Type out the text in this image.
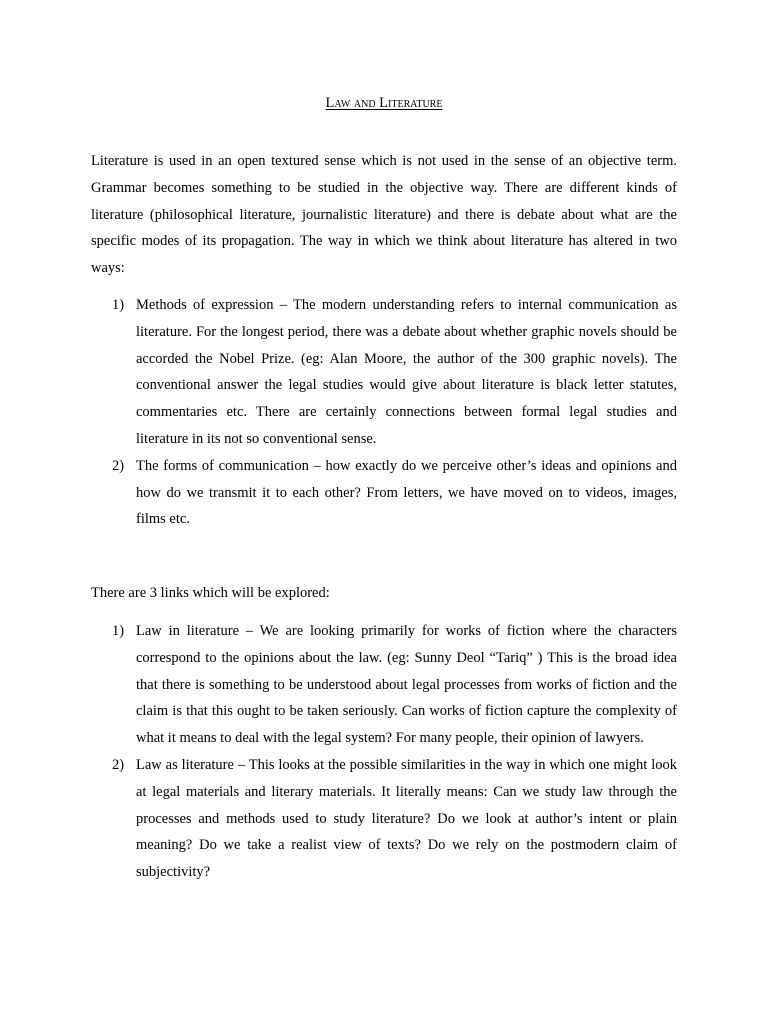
Law and Literature

Literature is used in an open textured sense which is not used in the sense of an objective term. Grammar becomes something to be studied in the objective way. There are different kinds of literature (philosophical literature, journalistic literature) and there is debate about what are the specific modes of its propagation. The way in which we think about literature has altered in two ways:

1) Methods of expression – The modern understanding refers to internal communication as literature. For the longest period, there was a debate about whether graphic novels should be accorded the Nobel Prize. (eg: Alan Moore, the author of the 300 graphic novels). The conventional answer the legal studies would give about literature is black letter statutes, commentaries etc. There are certainly connections between formal legal studies and literature in its not so conventional sense.
2) The forms of communication – how exactly do we perceive other’s ideas and opinions and how do we transmit it to each other? From letters, we have moved on to videos, images, films etc.

There are 3 links which will be explored:

1) Law in literature – We are looking primarily for works of fiction where the characters correspond to the opinions about the law. (eg: Sunny Deol “Tariq” ) This is the broad idea that there is something to be understood about legal processes from works of fiction and the claim is that this ought to be taken seriously. Can works of fiction capture the complexity of what it means to deal with the legal system? For many people, their opinion of lawyers.
2) Law as literature – This looks at the possible similarities in the way in which one might look at legal materials and literary materials. It literally means: Can we study law through the processes and methods used to study literature? Do we look at author’s intent or plain meaning? Do we take a realist view of texts? Do we rely on the postmodern claim of subjectivity?
